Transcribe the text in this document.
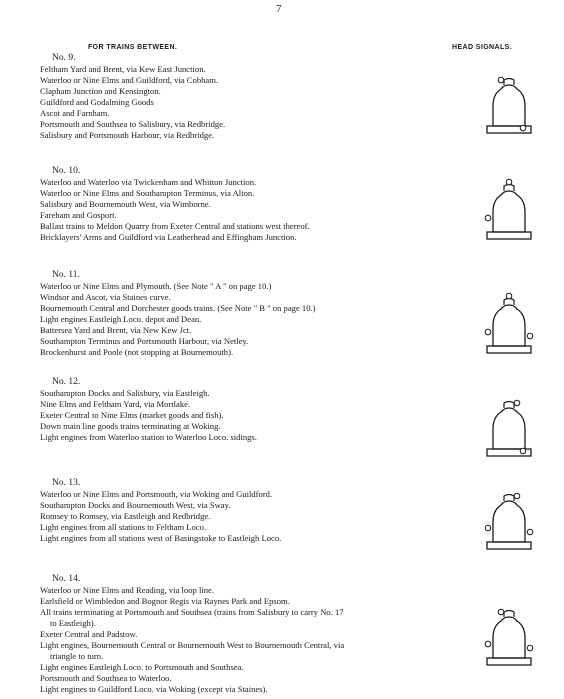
7
FOR TRAINS BETWEEN.	HEAD SIGNALS.
No. 9.
Feltham Yard and Brent, via Kew East Junction.
Waterloo or Nine Elms and Guildford, via Cobham.
Clapham Junction and Kensington.
Guildford and Godalming Goods
Ascot and Farnham.
Portsmouth and Southsea to Salisbury, via Redbridge.
Salisbury and Portsmouth Harbour, via Redbridge.
No. 10.
Waterloo and Waterloo via Twickenham and Whitton Junction.
Waterloo or Nine Elms and Southampton Terminus, via Alton.
Salisbury and Bournemouth West, via Wimborne.
Fareham and Gosport.
Ballast trains to Meldon Quarry from Exeter Central and stations west thereof.
Bricklayers' Arms and Guildford via Leatherhead and Effingham Junction.
No. 11.
Waterloo or Nine Elms and Plymouth. (See Note " A " on page 10.)
Windsor and Ascot, via Staines curve.
Bournemouth Central and Dorchester goods trains. (See Note " B " on page 10.)
Light engines Eastleigh Loco. depot and Dean.
Battersea Yard and Brent, via New Kew Jct.
Southampton Terminus and Portsmouth Harbour, via Netley.
Brockenhurst and Poole (not stopping at Bournemouth).
No. 12.
Southampton Docks and Salisbury, via Eastleigh.
Nine Elms and Feltham Yard, via Mortlake.
Exeter Central to Nine Elms (market goods and fish).
Down main line goods trains terminating at Woking.
Light engines from Waterloo station to Waterloo Loco. sidings.
No. 13.
Waterloo or Nine Elms and Portsmouth, via Woking and Guildford.
Southampton Docks and Bournemouth West, via Sway.
Romsey to Romsey, via Eastleigh and Redbridge.
Light engines from all stations to Feltham Loco.
Light engines from all stations west of Basingstoke to Eastleigh Loco.
No. 14.
Waterloo or Nine Elms and Reading, via loop line.
Earlsfield or Wimbledon and Bognor Regis via Raynes Park and Epsom.
All trains terminating at Portsmouth and Southsea (trains from Salisbury to carry No. 17
to Eastleigh).
Exeter Central and Padstow.
Light engines, Bournemouth Central or Bournemouth West to Bournemouth Central, via
triangle to turn.
Light engines Eastleigh Loco. to Portsmouth and Southsea.
Portsmouth and Southsea to Waterloo.
Light engines to Guildford Loco. via Woking (except via Staines).
